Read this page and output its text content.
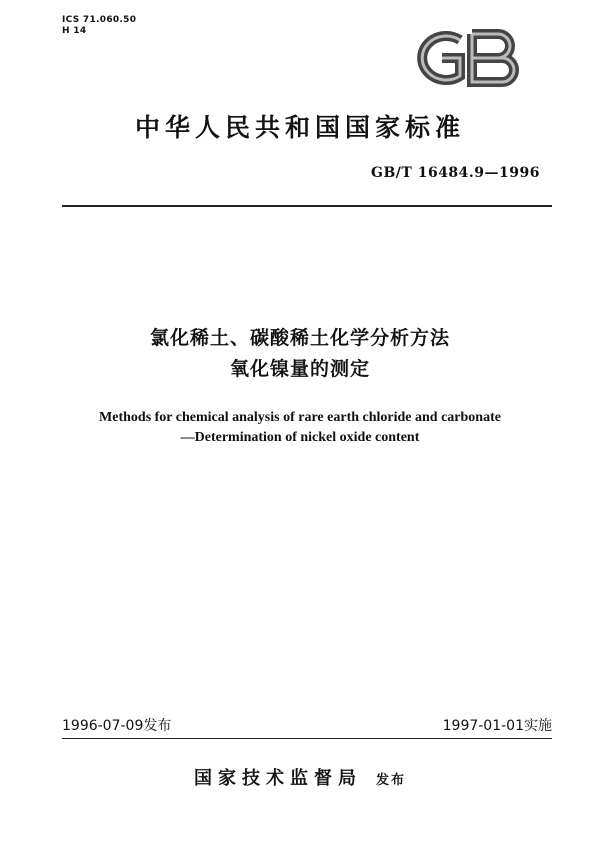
ICS 71.060.50
H 14
中华人民共和国国家标准
GB/T 16484.9—1996
氯化稀土、碳酸稀土化学分析方法
氧化镍量的测定
Methods for chemical analysis of rare earth chloride and carbonate
—Determination of nickel oxide content
1996-07-09发布	1997-01-01实施
国家技术监督局 发布
